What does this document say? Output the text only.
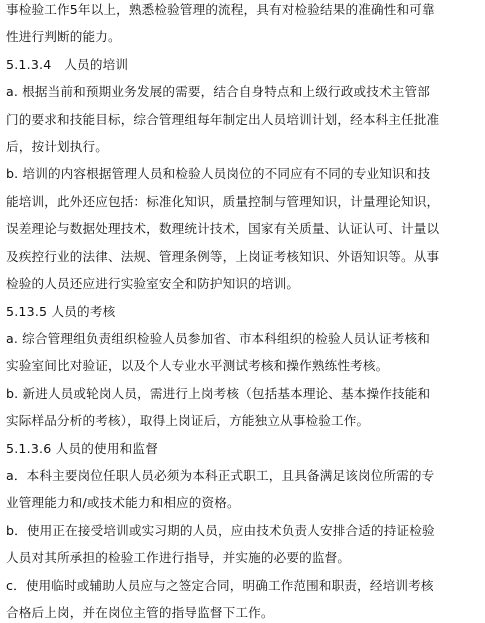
事检验工作5年以上，熟悉检验管理的流程，具有对检验结果的准确性和可靠
性进行判断的能力。
5.1.3.4　人员的培训
a. 根据当前和预期业务发展的需要，结合自身特点和上级行政或技术主管部
门的要求和技能目标，综合管理组每年制定出人员培训计划，经本科主任批准
后，按计划执行。
b. 培训的内容根据管理人员和检验人员岗位的不同应有不同的专业知识和技
能培训，此外还应包括：标准化知识，质量控制与管理知识，计量理论知识，
误差理论与数据处理技术，数理统计技术，国家有关质量、认证认可、计量以
及疾控行业的法律、法规、管理条例等，上岗证考核知识、外语知识等。从事
检验的人员还应进行实验室安全和防护知识的培训。
5.13.5 人员的考核
a. 综合管理组负责组织检验人员参加省、市本科组织的检验人员认证考核和
实验室间比对验证，以及个人专业水平测试考核和操作熟练性考核。
b. 新进人员或轮岗人员，需进行上岗考核（包括基本理论、基本操作技能和
实际样品分析的考核），取得上岗证后，方能独立从事检验工作。
5.1.3.6 人员的使用和监督
a．本科主要岗位任职人员必须为本科正式职工，且具备满足该岗位所需的专
业管理能力和/或技术能力和相应的资格。
b．使用正在接受培训或实习期的人员，应由技术负责人安排合适的持证检验
人员对其所承担的检验工作进行指导，并实施的必要的监督。
c．使用临时或辅助人员应与之签定合同，明确工作范围和职责，经培训考核
合格后上岗，并在岗位主管的指导监督下工作。
